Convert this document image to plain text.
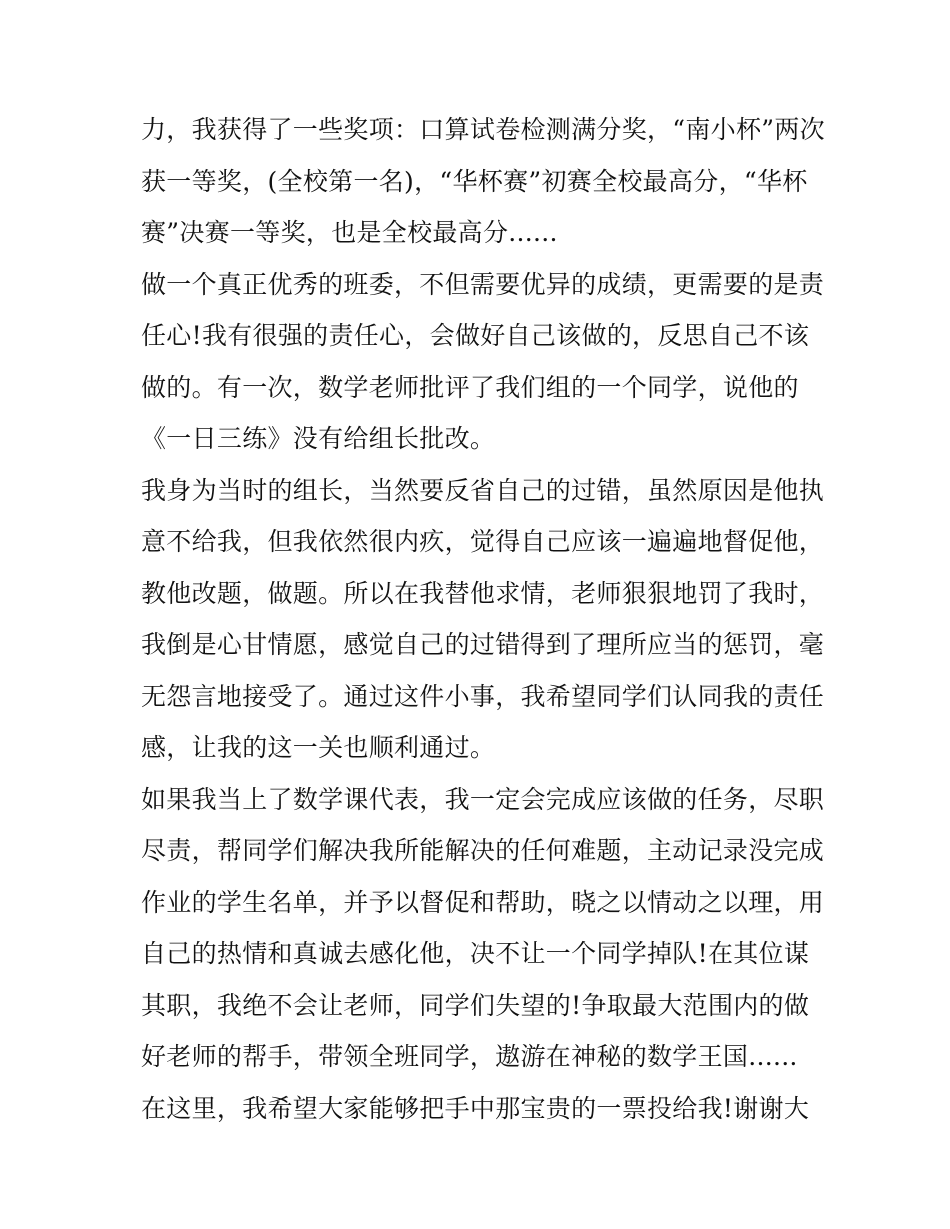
力，我获得了一些奖项：口算试卷检测满分奖，“南小杯”两次
获一等奖，(全校第一名)，“华杯赛”初赛全校最高分，“华杯
赛”决赛一等奖，也是全校最高分......
做一个真正优秀的班委，不但需要优异的成绩，更需要的是责
任心!我有很强的责任心，会做好自己该做的，反思自己不该
做的。有一次，数学老师批评了我们组的一个同学，说他的
《一日三练》没有给组长批改。
我身为当时的组长，当然要反省自己的过错，虽然原因是他执
意不给我，但我依然很内疚，觉得自己应该一遍遍地督促他，
教他改题，做题。所以在我替他求情，老师狠狠地罚了我时，
我倒是心甘情愿，感觉自己的过错得到了理所应当的惩罚，毫
无怨言地接受了。通过这件小事，我希望同学们认同我的责任
感，让我的这一关也顺利通过。
如果我当上了数学课代表，我一定会完成应该做的任务，尽职
尽责，帮同学们解决我所能解决的任何难题，主动记录没完成
作业的学生名单，并予以督促和帮助，晓之以情动之以理，用
自己的热情和真诚去感化他，决不让一个同学掉队!在其位谋
其职，我绝不会让老师，同学们失望的!争取最大范围内的做
好老师的帮手，带领全班同学，遨游在神秘的数学王国......
在这里，我希望大家能够把手中那宝贵的一票投给我!谢谢大
